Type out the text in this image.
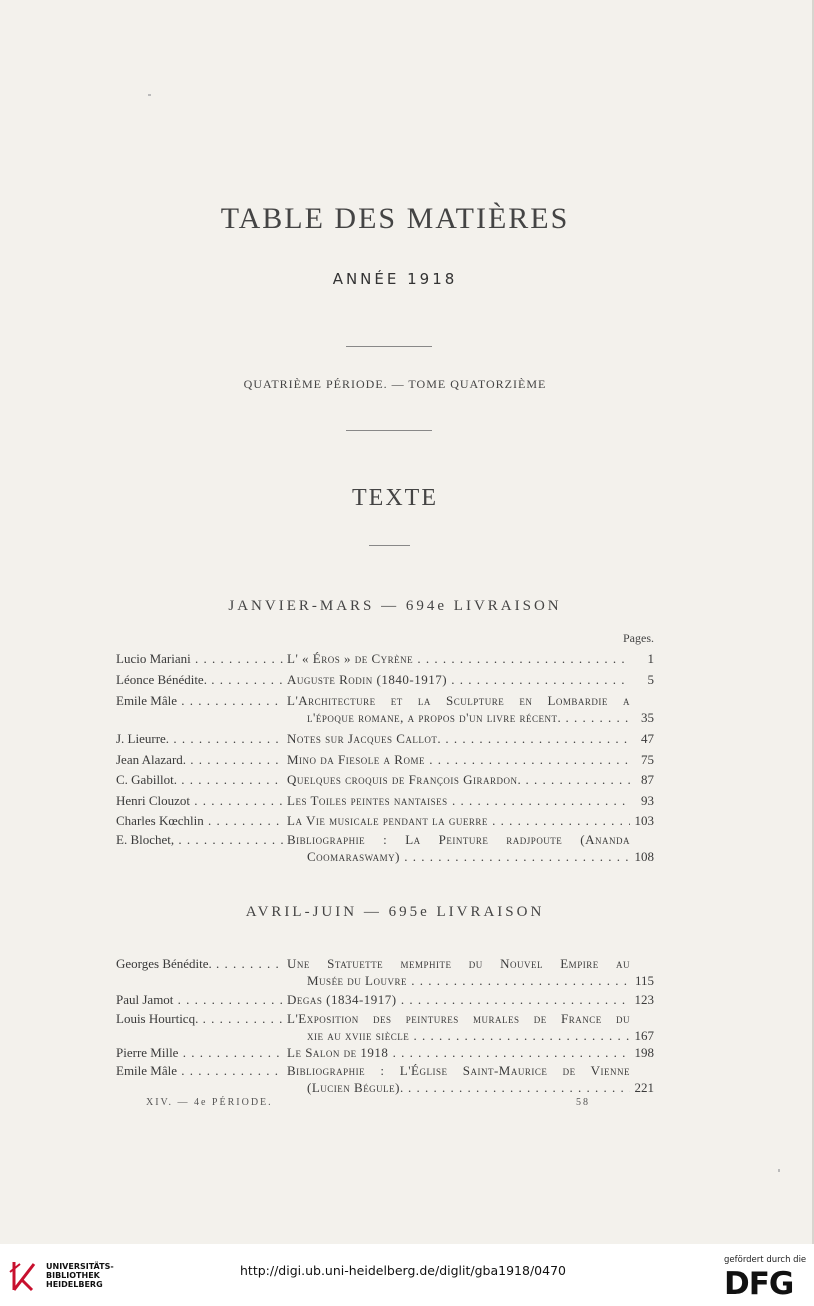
TABLE DES MATIÈRES
ANNÉE 1918
QUATRIÈME PÉRIODE. — TOME QUATORZIÈME
TEXTE
JANVIER-MARS — 694e LIVRAISON
Pages.
Lucio Mariani . . .	L' « Éros » de Cyrène . . .	1
Léonce Bénédite. . . .	Auguste Rodin (1840-1917) . . .	5
Emile Mâle . . .	L'Architecture et la Sculpture en Lombardie a
l'époque romane, a propos d'un livre récent. . . .	35
J. Lieurre. . . .	Notes sur Jacques Callot. . . .	47
Jean Alazard. . . .	Mino da Fiesole a Rome . . .	75
C. Gabillot. . . .	Quelques croquis de François Girardon. . . .	87
Henri Clouzot . . .	Les Toiles peintes nantaises . . .	93
Charles Kœchlin . . .	La Vie musicale pendant la guerre . . .	103
E. Blochet, . . .	Bibliographie : La Peinture radjpoute (Ananda
Coomaraswamy) . . .	108
AVRIL-JUIN — 695e LIVRAISON
Georges Bénédite. . . .	Une Statuette memphite du Nouvel Empire au
Musée du Louvre . . .	115
Paul Jamot . . .	Degas (1834-1917) . . .	123
Louis Hourticq. . . .	L'Exposition des peintures murales de France du
xie au xviie siècle . . .	167
Pierre Mille . . .	Le Salon de 1918 . . .	198
Emile Mâle . . .	Bibliographie : L'Église Saint-Maurice de Vienne
(Lucien Bégule). . . .	221
XIV. — 4e PÉRIODE.	58
UNIVERSITÄTS-
BIBLIOTHEK
HEIDELBERG
http://digi.ub.uni-heidelberg.de/diglit/gba1918/0470
gefördert durch die
DFG
